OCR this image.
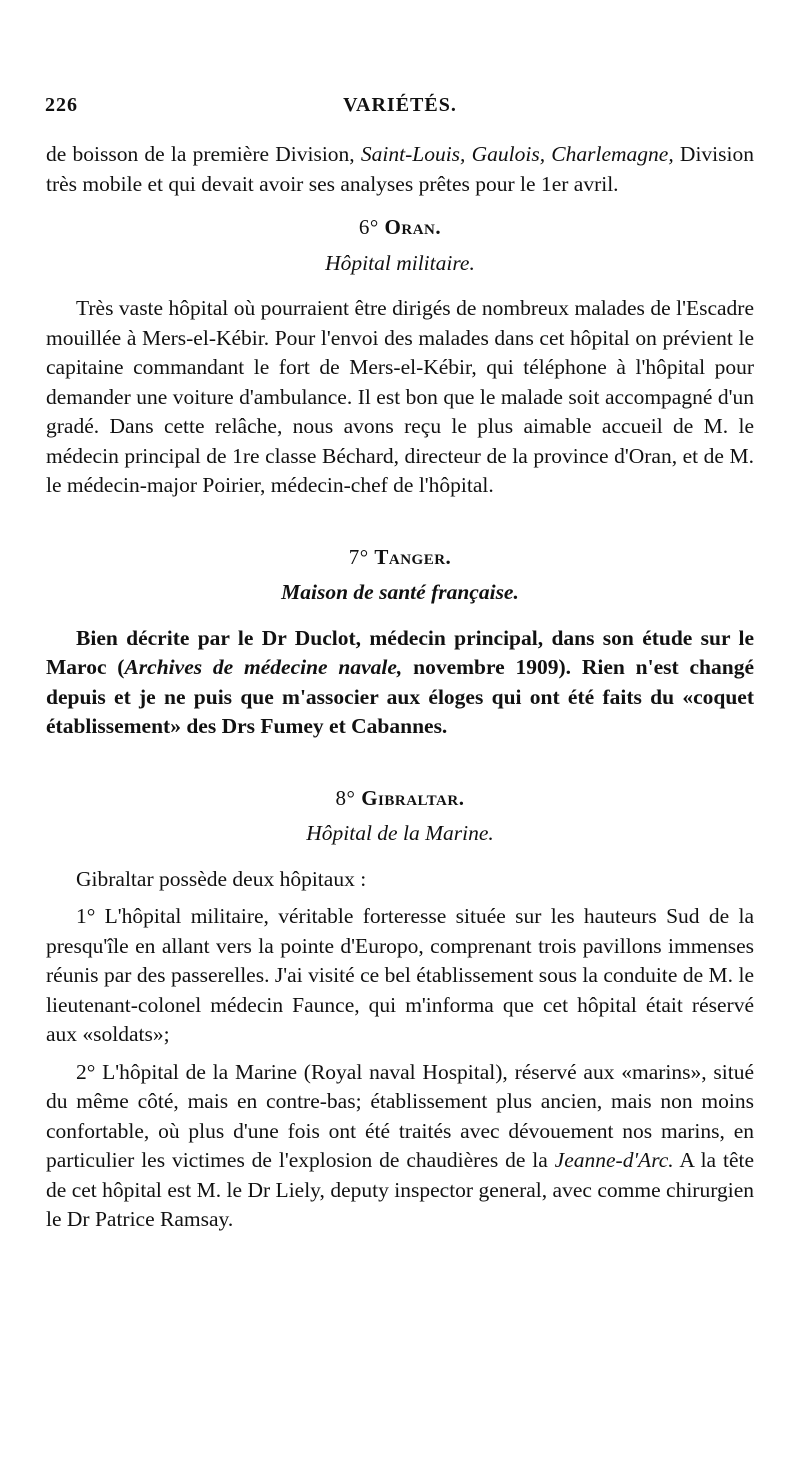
226	VARIÉTÉS.

de boisson de la première Division, Saint-Louis, Gaulois, Charlemagne, Division très mobile et qui devait avoir ses analyses prêtes pour le 1er avril.

6° Oran.
Hôpital militaire.

Très vaste hôpital où pourraient être dirigés de nombreux malades de l'Escadre mouillée à Mers-el-Kébir. Pour l'envoi des malades dans cet hôpital on prévient le capitaine commandant le fort de Mers-el-Kébir, qui téléphone à l'hôpital pour demander une voiture d'ambulance. Il est bon que le malade soit accompagné d'un gradé. Dans cette relâche, nous avons reçu le plus aimable accueil de M. le médecin principal de 1re classe Béchard, directeur de la province d'Oran, et de M. le médecin-major Poirier, médecin-chef de l'hôpital.

7° Tanger.
Maison de santé française.

Bien décrite par le Dr Duclot, médecin principal, dans son étude sur le Maroc (Archives de médecine navale, novembre 1909). Rien n'est changé depuis et je ne puis que m'associer aux éloges qui ont été faits du «coquet établissement» des Drs Fumey et Cabannes.

8° Gibraltar.
Hôpital de la Marine.

Gibraltar possède deux hôpitaux :

1° L'hôpital militaire, véritable forteresse située sur les hauteurs Sud de la presqu'île en allant vers la pointe d'Europo, comprenant trois pavillons immenses réunis par des passerelles. J'ai visité ce bel établissement sous la conduite de M. le lieutenant-colonel médecin Faunce, qui m'informa que cet hôpital était réservé aux «soldats»;

2° L'hôpital de la Marine (Royal naval Hospital), réservé aux «marins», situé du même côté, mais en contre-bas; établissement plus ancien, mais non moins confortable, où plus d'une fois ont été traités avec dévouement nos marins, en particulier les victimes de l'explosion de chaudières de la Jeanne-d'Arc. A la tête de cet hôpital est M. le Dr Liely, deputy inspector general, avec comme chirurgien le Dr Patrice Ramsay.
